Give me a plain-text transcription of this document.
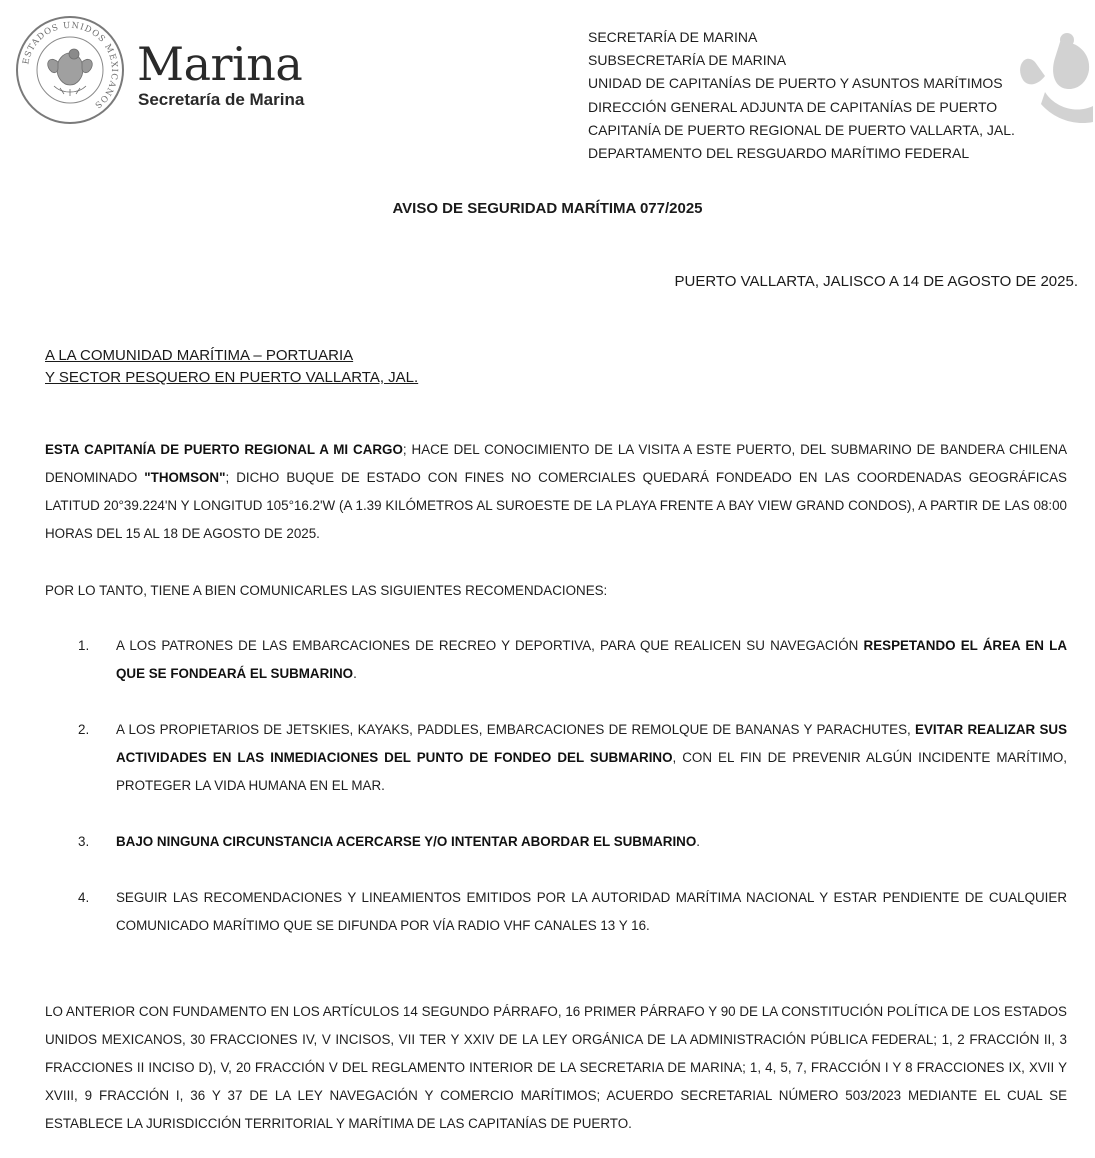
ESTADOS UNIDOS MEXICANOS
Marina
Secretaría de Marina
SECRETARÍA DE MARINA
SUBSECRETARÍA DE MARINA
UNIDAD DE CAPITANÍAS DE PUERTO Y ASUNTOS MARÍTIMOS
DIRECCIÓN GENERAL ADJUNTA DE CAPITANÍAS DE PUERTO
CAPITANÍA DE PUERTO REGIONAL DE PUERTO VALLARTA, JAL.
DEPARTAMENTO DEL RESGUARDO MARÍTIMO FEDERAL
AVISO DE SEGURIDAD MARÍTIMA 077/2025
PUERTO VALLARTA, JALISCO A 14 DE AGOSTO DE 2025.
A LA COMUNIDAD MARÍTIMA – PORTUARIA
Y SECTOR PESQUERO EN PUERTO VALLARTA, JAL.
ESTA CAPITANÍA DE PUERTO REGIONAL A MI CARGO; HACE DEL CONOCIMIENTO DE LA VISITA A ESTE PUERTO, DEL SUBMARINO DE BANDERA CHILENA DENOMINADO "THOMSON"; DICHO BUQUE DE ESTADO CON FINES NO COMERCIALES QUEDARÁ FONDEADO EN LAS COORDENADAS GEOGRÁFICAS LATITUD 20°39.224'N Y LONGITUD 105°16.2'W (A 1.39 KILÓMETROS AL SUROESTE DE LA PLAYA FRENTE A BAY VIEW GRAND CONDOS), A PARTIR DE LAS 08:00 HORAS DEL 15 AL 18 DE AGOSTO DE 2025.
POR LO TANTO, TIENE A BIEN COMUNICARLES LAS SIGUIENTES RECOMENDACIONES:
1. A LOS PATRONES DE LAS EMBARCACIONES DE RECREO Y DEPORTIVA, PARA QUE REALICEN SU NAVEGACIÓN RESPETANDO EL ÁREA EN LA QUE SE FONDEARÁ EL SUBMARINO.
2. A LOS PROPIETARIOS DE JETSKIES, KAYAKS, PADDLES, EMBARCACIONES DE REMOLQUE DE BANANAS Y PARACHUTES, EVITAR REALIZAR SUS ACTIVIDADES EN LAS INMEDIACIONES DEL PUNTO DE FONDEO DEL SUBMARINO, CON EL FIN DE PREVENIR ALGÚN INCIDENTE MARÍTIMO, PROTEGER LA VIDA HUMANA EN EL MAR.
3. BAJO NINGUNA CIRCUNSTANCIA ACERCARSE Y/O INTENTAR ABORDAR EL SUBMARINO.
4. SEGUIR LAS RECOMENDACIONES Y LINEAMIENTOS EMITIDOS POR LA AUTORIDAD MARÍTIMA NACIONAL Y ESTAR PENDIENTE DE CUALQUIER COMUNICADO MARÍTIMO QUE SE DIFUNDA POR VÍA RADIO VHF CANALES 13 Y 16.
LO ANTERIOR CON FUNDAMENTO EN LOS ARTÍCULOS 14 SEGUNDO PÁRRAFO, 16 PRIMER PÁRRAFO Y 90 DE LA CONSTITUCIÓN POLÍTICA DE LOS ESTADOS UNIDOS MEXICANOS, 30 FRACCIONES IV, V INCISOS, VII TER Y XXIV DE LA LEY ORGÁNICA DE LA ADMINISTRACIÓN PÚBLICA FEDERAL; 1, 2 FRACCIÓN II, 3 FRACCIONES II INCISO D), V, 20 FRACCIÓN V DEL REGLAMENTO INTERIOR DE LA SECRETARIA DE MARINA; 1, 4, 5, 7, FRACCIÓN I Y 8 FRACCIONES IX, XVII Y XVIII, 9 FRACCIÓN I, 36 Y 37 DE LA LEY NAVEGACIÓN Y COMERCIO MARÍTIMOS; ACUERDO SECRETARIAL NÚMERO 503/2023 MEDIANTE EL CUAL SE ESTABLECE LA JURISDICCIÓN TERRITORIAL Y MARÍTIMA DE LAS CAPITANÍAS DE PUERTO.
